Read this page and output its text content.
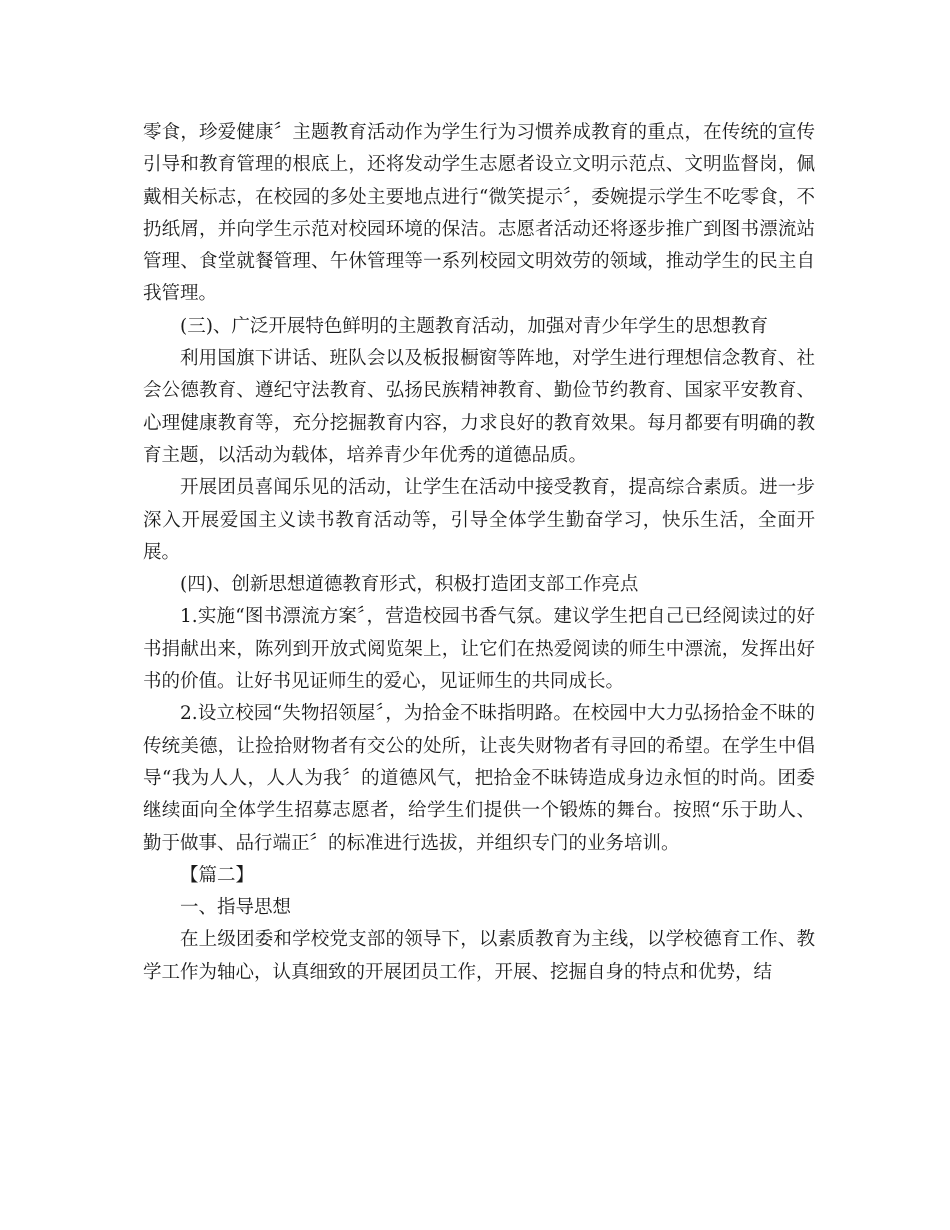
零食，珍爱健康〞主题教育活动作为学生行为习惯养成教育的重点，在传统的宣传引导和教育管理的根底上，还将发动学生志愿者设立文明示范点、文明监督岗，佩戴相关标志，在校园的多处主要地点进行“微笑提示〞，委婉提示学生不吃零食，不扔纸屑，并向学生示范对校园环境的保洁。志愿者活动还将逐步推广到图书漂流站管理、食堂就餐管理、午休管理等一系列校园文明效劳的领域，推动学生的民主自我管理。

(三)、广泛开展特色鲜明的主题教育活动，加强对青少年学生的思想教育

利用国旗下讲话、班队会以及板报橱窗等阵地，对学生进行理想信念教育、社会公德教育、遵纪守法教育、弘扬民族精神教育、勤俭节约教育、国家平安教育、心理健康教育等，充分挖掘教育内容，力求良好的教育效果。每月都要有明确的教育主题，以活动为载体，培养青少年优秀的道德品质。

开展团员喜闻乐见的活动，让学生在活动中接受教育，提高综合素质。进一步深入开展爱国主义读书教育活动等，引导全体学生勤奋学习，快乐生活，全面开展。

(四)、创新思想道德教育形式，积极打造团支部工作亮点

1.实施“图书漂流方案〞，营造校园书香气氛。建议学生把自己已经阅读过的好书捐献出来，陈列到开放式阅览架上，让它们在热爱阅读的师生中漂流，发挥出好书的价值。让好书见证师生的爱心，见证师生的共同成长。

2.设立校园“失物招领屋〞，为拾金不昧指明路。在校园中大力弘扬拾金不昧的传统美德，让捡拾财物者有交公的处所，让丧失财物者有寻回的希望。在学生中倡导“我为人人，人人为我〞的道德风气，把拾金不昧铸造成身边永恒的时尚。团委继续面向全体学生招募志愿者，给学生们提供一个锻炼的舞台。按照“乐于助人、勤于做事、品行端正〞的标准进行选拔，并组织专门的业务培训。

【篇二】

一、指导思想

在上级团委和学校党支部的领导下，以素质教育为主线，以学校德育工作、教学工作为轴心，认真细致的开展团员工作，开展、挖掘自身的特点和优势，结
